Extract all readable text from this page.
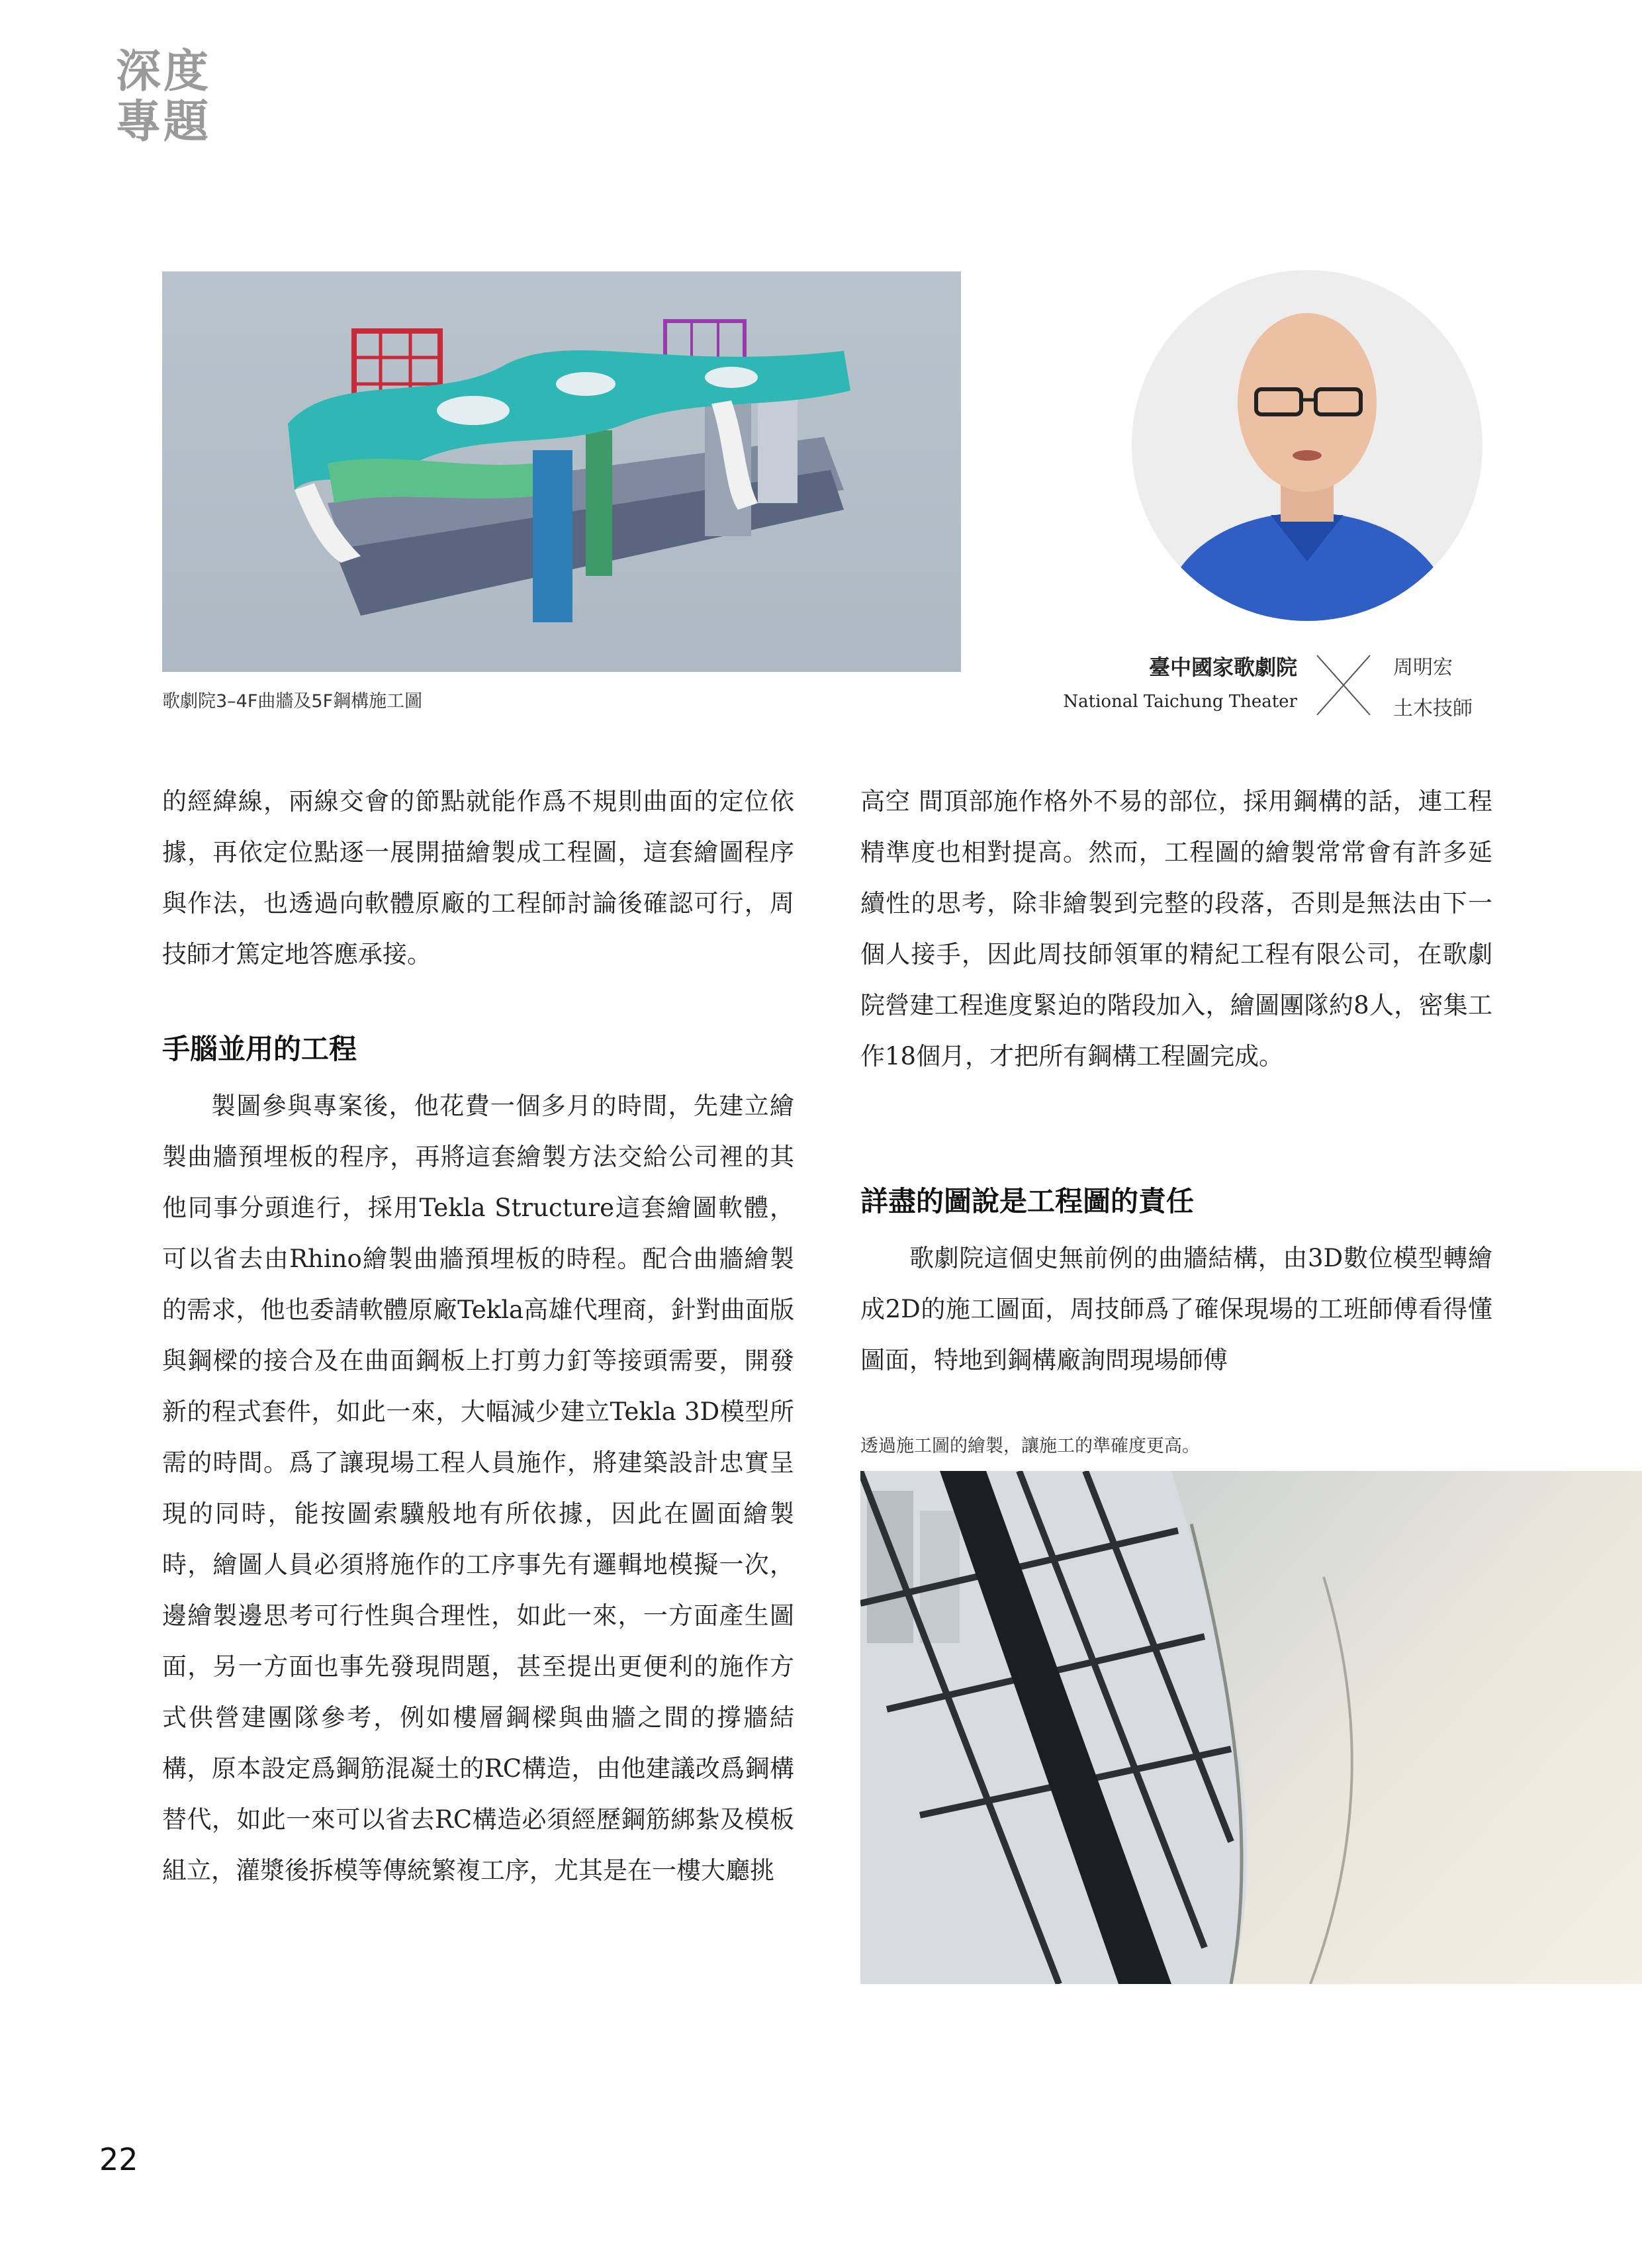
深度
專題
歌劇院3–4F曲牆及5F鋼構施工圖
臺中國家歌劇院
National Taichung Theater
周明宏
土木技師

的經緯線，兩線交會的節點就能作爲不規則曲面的定位依據，再依定位點逐一展開描繪製成工程圖，這套繪圖程序與作法，也透過向軟體原廠的工程師討論後確認可行，周技師才篤定地答應承接。

手腦並用的工程

製圖參與專案後，他花費一個多月的時間，先建立繪製曲牆預埋板的程序，再將這套繪製方法交給公司裡的其他同事分頭進行，採用Tekla Structure這套繪圖軟體，可以省去由Rhino繪製曲牆預埋板的時程。配合曲牆繪製的需求，他也委請軟體原廠Tekla高雄代理商，針對曲面版與鋼樑的接合及在曲面鋼板上打剪力釘等接頭需要，開發新的程式套件，如此一來，大幅減少建立Tekla 3D模型所需的時間。爲了讓現場工程人員施作，將建築設計忠實呈現的同時，能按圖索驥般地有所依據，因此在圖面繪製時，繪圖人員必須將施作的工序事先有邏輯地模擬一次，邊繪製邊思考可行性與合理性，如此一來，一方面產生圖面，另一方面也事先發現問題，甚至提出更便利的施作方式供營建團隊參考，例如樓層鋼樑與曲牆之間的撐牆結構，原本設定爲鋼筋混凝土的RC構造，由他建議改爲鋼構替代，如此一來可以省去RC構造必須經歷鋼筋綁紮及模板組立，灌漿後拆模等傳統繁複工序，尤其是在一樓大廳挑

高空 間頂部施作格外不易的部位，採用鋼構的話，連工程精準度也相對提高。然而，工程圖的繪製常常會有許多延續性的思考，除非繪製到完整的段落，否則是無法由下一個人接手，因此周技師領軍的精紀工程有限公司，在歌劇院營建工程進度緊迫的階段加入，繪圖團隊約8人，密集工作18個月，才把所有鋼構工程圖完成。

詳盡的圖說是工程圖的責任

歌劇院這個史無前例的曲牆結構，由3D數位模型轉繪成2D的施工圖面，周技師爲了確保現場的工班師傅看得懂圖面，特地到鋼構廠詢問現場師傅

透過施工圖的繪製，讓施工的準確度更高。
22
